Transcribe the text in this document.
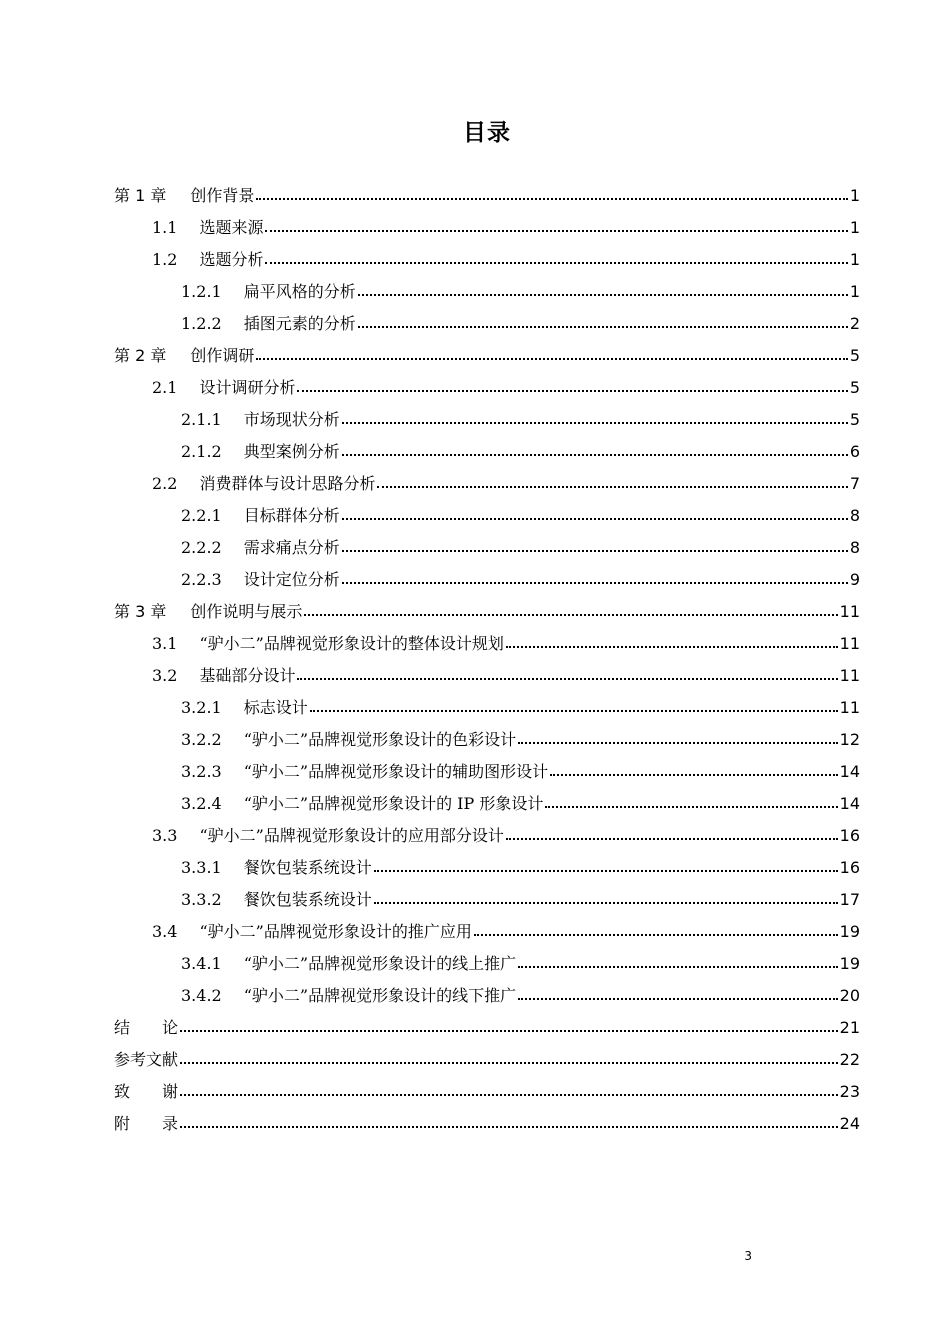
目录
第 1 章 创作背景	1
1.1 选题来源	1
1.2 选题分析	1
1.2.1 扁平风格的分析	1
1.2.2 插图元素的分析	2
第 2 章 创作调研	5
2.1 设计调研分析	5
2.1.1 市场现状分析	5
2.1.2 典型案例分析	6
2.2 消费群体与设计思路分析	7
2.2.1 目标群体分析	8
2.2.2 需求痛点分析	8
2.2.3 设计定位分析	9
第 3 章 创作说明与展示	11
3.1 “驴小二”品牌视觉形象设计的整体设计规划	11
3.2 基础部分设计	11
3.2.1 标志设计	11
3.2.2 “驴小二”品牌视觉形象设计的色彩设计	12
3.2.3 “驴小二”品牌视觉形象设计的辅助图形设计	14
3.2.4 “驴小二”品牌视觉形象设计的 IP 形象设计	14
3.3 “驴小二”品牌视觉形象设计的应用部分设计	16
3.3.1 餐饮包装系统设计	16
3.3.2 餐饮包装系统设计	17
3.4 “驴小二”品牌视觉形象设计的推广应用	19
3.4.1 “驴小二”品牌视觉形象设计的线上推广	19
3.4.2 “驴小二”品牌视觉形象设计的线下推广	20
结　　论	21
参考文献	22
致　　谢	23
附　　录	24
3
